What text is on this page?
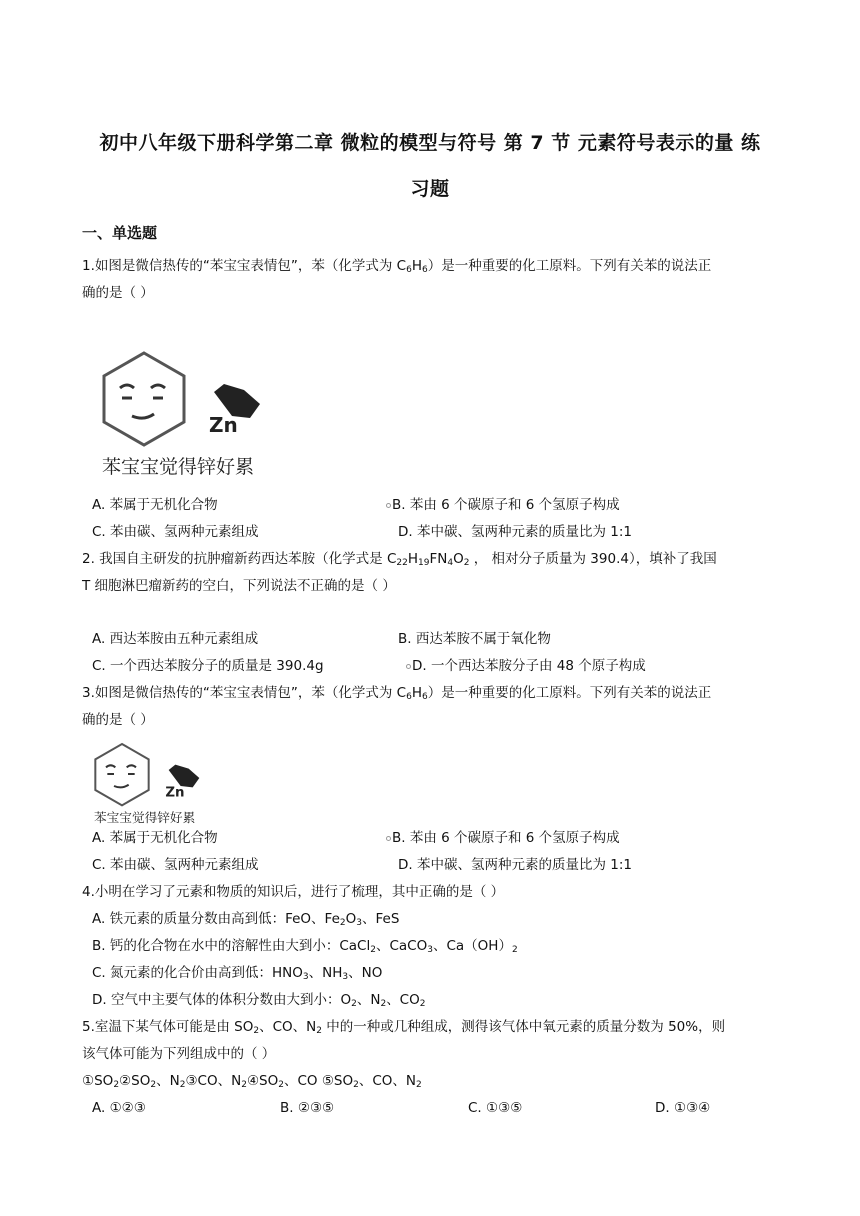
初中八年级下册科学第二章 微粒的模型与符号 第 7 节 元素符号表示的量 练
习题
一、单选题
1.如图是微信热传的“苯宝宝表情包”，苯（化学式为 $C_6H_6$）是一种重要的化工原料。下列有关苯的说法正
确的是（ ）
Zn
苯宝宝觉得锌好累
A. 苯属于无机化合物	B. 苯由 6 个碳原子和 6 个氢原子构成
C. 苯由碳、氢两种元素组成	D. 苯中碳、氢两种元素的质量比为 1:1
2. 我国自主研发的抗肿瘤新药西达苯胺（化学式是 $C_{22}H_{19}FN_4O_2$ ， 相对分子质量为 390.4），填补了我国
T 细胞淋巴瘤新药的空白，下列说法不正确的是（ ）
A. 西达苯胺由五种元素组成	B. 西达苯胺不属于氧化物
C. 一个西达苯胺分子的质量是 390.4g	D. 一个西达苯胺分子由 48 个原子构成
3.如图是微信热传的“苯宝宝表情包”，苯（化学式为 $C_6H_6$）是一种重要的化工原料。下列有关苯的说法正
确的是（ ）
Zn
苯宝宝觉得锌好累
A. 苯属于无机化合物	B. 苯由 6 个碳原子和 6 个氢原子构成
C. 苯由碳、氢两种元素组成	D. 苯中碳、氢两种元素的质量比为 1:1
4.小明在学习了元素和物质的知识后，进行了梳理，其中正确的是（ ）
A. 铁元素的质量分数由高到低：FeO、$Fe_2O_3$、FeS
B. 钙的化合物在水中的溶解性由大到小：CaCl$_2$、CaCO$_3$、$Ca(OH)_2$
C. 氮元素的化合价由高到低：$HNO_3$、$NH_3$、NO
D. 空气中主要气体的体积分数由大到小：$O_2$、$N_2$、$CO_2$
5.室温下某气体可能是由 $SO_2$、CO、$N_2$ 中的一种或几种组成，测得该气体中氧元素的质量分数为 50%，则
该气体可能为下列组成中的（ ）
$①SO_2②SO_2$、$N_2③CO$、$N_2④SO_2$、CO $⑤SO_2$、CO、$N_2$
A. ①②③	B. ②③⑤	C. ①③⑤	D. ①③④
